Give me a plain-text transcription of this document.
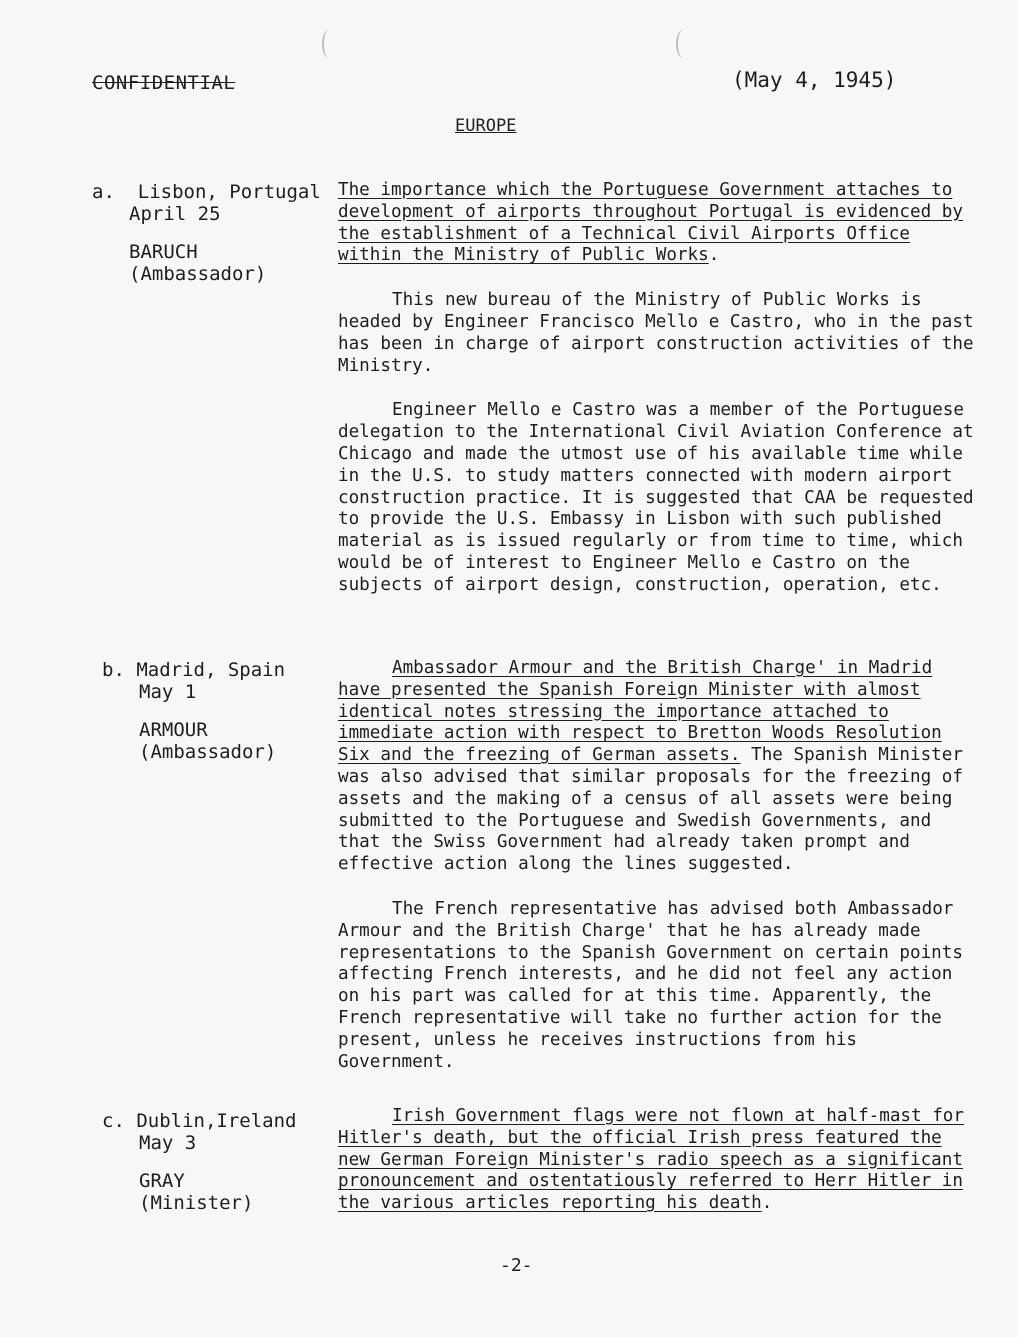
CONFIDENTIAL	(May 4, 1945)
EUROPE
a. Lisbon, Portugal
April 25
BARUCH
(Ambassador)

The importance which the Portuguese Government attaches to development of airports throughout Portugal is evidenced by the establishment of a Technical Civil Airports Office within the Ministry of Public Works.

This new bureau of the Ministry of Public Works is headed by Engineer Francisco Mello e Castro, who in the past has been in charge of airport construction activities of the Ministry.

Engineer Mello e Castro was a member of the Portuguese delegation to the International Civil Aviation Conference at Chicago and made the utmost use of his available time while in the U.S. to study matters connected with modern airport construction practice. It is suggested that CAA be requested to provide the U.S. Embassy in Lisbon with such published material as is issued regularly or from time to time, which would be of interest to Engineer Mello e Castro on the subjects of airport design, construction, operation, etc.

b. Madrid, Spain
May 1
ARMOUR
(Ambassador)

Ambassador Armour and the British Charge' in Madrid have presented the Spanish Foreign Minister with almost identical notes stressing the importance attached to immediate action with respect to Bretton Woods Resolution Six and the freezing of German assets. The Spanish Minister was also advised that similar proposals for the freezing of assets and the making of a census of all assets were being submitted to the Portuguese and Swedish Governments, and that the Swiss Government had already taken prompt and effective action along the lines suggested.

The French representative has advised both Ambassador Armour and the British Charge' that he has already made representations to the Spanish Government on certain points affecting French interests, and he did not feel any action on his part was called for at this time. Apparently, the French representative will take no further action for the present, unless he receives instructions from his Government.

c. Dublin,Ireland
May 3
GRAY
(Minister)

Irish Government flags were not flown at half-mast for Hitler's death, but the official Irish press featured the new German Foreign Minister's radio speech as a significant pronouncement and ostentatiously referred to Herr Hitler in the various articles reporting his death.

-2-
